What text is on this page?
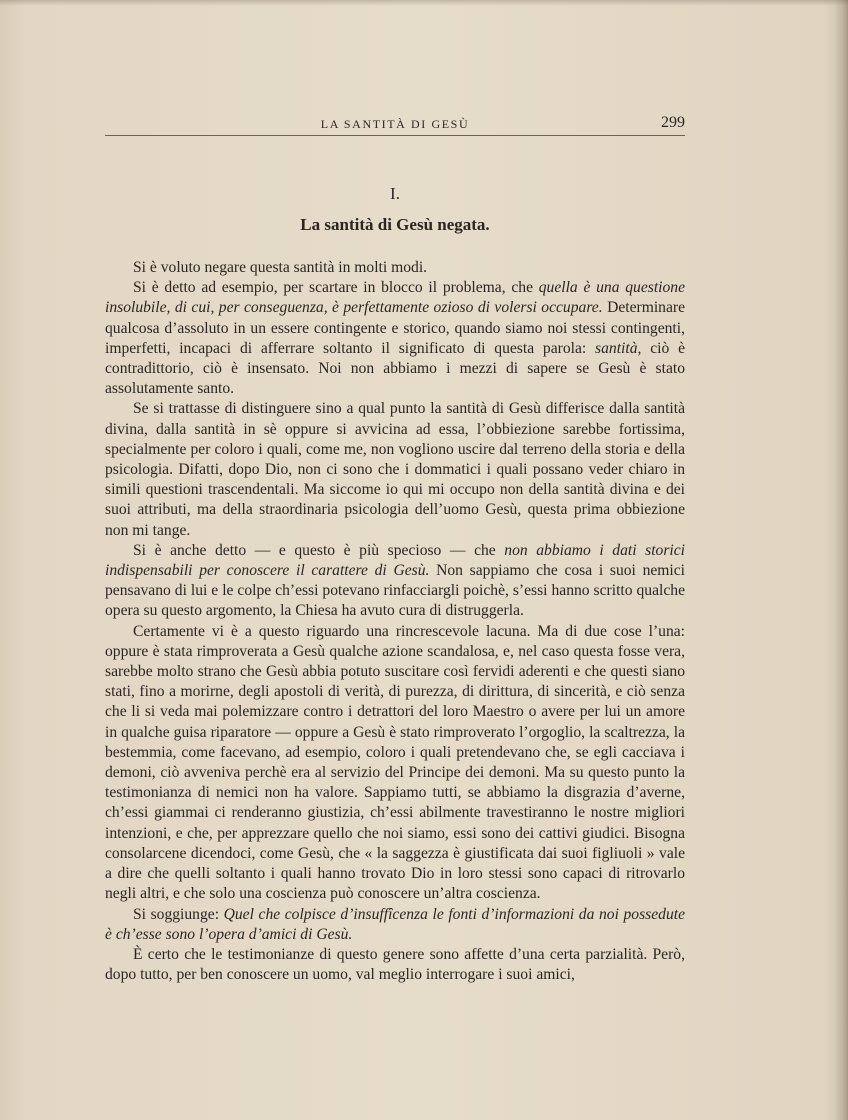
LA SANTITÀ DI GESÙ	299
I.
La santità di Gesù negata.

Si è voluto negare questa santità in molti modi.

Si è detto ad esempio, per scartare in blocco il problema, che quella è una questione insolubile, di cui, per conseguenza, è perfettamente ozioso di volersi occupare. Determinare qualcosa d’assoluto in un essere contingente e storico, quando siamo noi stessi contingenti, imperfetti, incapaci di afferrare soltanto il significato di questa parola: santità, ciò è contradittorio, ciò è insensato. Noi non abbiamo i mezzi di sapere se Gesù è stato assolutamente santo.

Se si trattasse di distinguere sino a qual punto la santità di Gesù differisce dalla santità divina, dalla santità in sè oppure si avvicina ad essa, l’obbiezione sarebbe fortissima, specialmente per coloro i quali, come me, non vogliono uscire dal terreno della storia e della psicologia. Difatti, dopo Dio, non ci sono che i dommatici i quali possano veder chiaro in simili questioni trascendentali. Ma siccome io qui mi occupo non della santità divina e dei suoi attributi, ma della straordinaria psicologia dell’uomo Gesù, questa prima obbiezione non mi tange.

Si è anche detto — e questo è più specioso — che non abbiamo i dati storici indispensabili per conoscere il carattere di Gesù. Non sappiamo che cosa i suoi nemici pensavano di lui e le colpe ch’essi potevano rinfacciargli poichè, s’essi hanno scritto qualche opera su questo argomento, la Chiesa ha avuto cura di distruggerla.

Certamente vi è a questo riguardo una rincrescevole lacuna. Ma di due cose l’una: oppure è stata rimproverata a Gesù qualche azione scandalosa, e, nel caso questa fosse vera, sarebbe molto strano che Gesù abbia potuto suscitare così fervidi aderenti e che questi siano stati, fino a morirne, degli apostoli di verità, di purezza, di dirittura, di sincerità, e ciò senza che li si veda mai polemizzare contro i detrattori del loro Maestro o avere per lui un amore in qualche guisa riparatore — oppure a Gesù è stato rimproverato l’orgoglio, la scaltrezza, la bestemmia, come facevano, ad esempio, coloro i quali pretendevano che, se egli cacciava i demoni, ciò avveniva perchè era al servizio del Principe dei demoni. Ma su questo punto la testimonianza di nemici non ha valore. Sappiamo tutti, se abbiamo la disgrazia d’averne, ch’essi giammai ci renderanno giustizia, ch’essi abilmente travestiranno le nostre migliori intenzioni, e che, per apprezzare quello che noi siamo, essi sono dei cattivi giudici. Bisogna consolarcene dicendoci, come Gesù, che « la saggezza è giustificata dai suoi figliuoli » vale a dire che quelli soltanto i quali hanno trovato Dio in loro stessi sono capaci di ritrovarlo negli altri, e che solo una coscienza può conoscere un’altra coscienza.

Si soggiunge: Quel che colpisce d’insuffîcenza le fonti d’informazioni da noi possedute è ch’esse sono l’opera d’amici di Gesù.

È certo che le testimonianze di questo genere sono affette d’una certa parzialità. Però, dopo tutto, per ben conoscere un uomo, val meglio interrogare i suoi amici,
